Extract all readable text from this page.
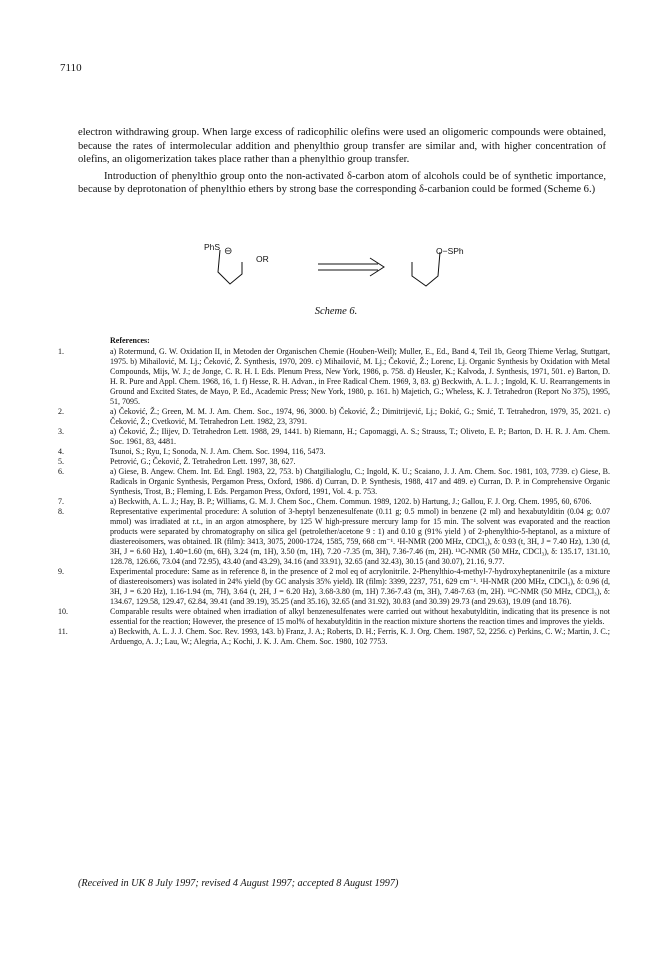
7110

electron withdrawing group. When large excess of radicophilic olefins were used an oligomeric compounds were obtained, because the rates of intermolecular addition and phenylthio group transfer are similar and, with higher concentration of olefins, an oligomerization takes place rather than a phenylthio group transfer.

Introduction of phenylthio group onto the non-activated δ-carbon atom of alcohols could be of synthetic importance, because by deprotonation of phenylthio ethers by strong base the corresponding δ-carbanion could be formed (Scheme 6.)

PhS ⊖
OR
O−SPh
Scheme 6.
References:
1.	a) Rotermund, G. W. Oxidation II, in Metoden der Organischen Chemie (Houben-Weil); Muller, E., Ed., Band 4, Teil 1b, Georg Thieme Verlag, Stuttgart, 1975. b) Mihailović, M. Lj.; Čeković, Ž. Synthesis, 1970, 209. c) Mihailović, M. Lj.; Čeković, Ž.; Lorenc, Lj. Organic Synthesis by Oxidation with Metal Compounds, Mijs, W. J.; de Jonge, C. R. H. I. Eds. Plenum Press, New York, 1986, p. 758. d) Heusler, K.; Kalvoda, J. Synthesis, 1971, 501. e) Barton, D. H. R. Pure and Appl. Chem. 1968, 16, 1. f) Hesse, R. H. Advan., in Free Radical Chem. 1969, 3, 83. g) Beckwith, A. L. J. ; Ingold, K. U. Rearrangements in Ground and Excited States, de Mayo, P. Ed., Academic Press; New York, 1980, p. 161. h) Majetich, G.; Wheless, K. J. Tetrahedron (Report No 375), 1995, 51, 7095.
2.	a) Čeković, Ž.; Green, M. M. J. Am. Chem. Soc., 1974, 96, 3000. b) Čeković, Ž.; Dimitrijević, Lj.; Đokić, G.; Srnić, T. Tetrahedron, 1979, 35, 2021. c) Čeković, Ž.; Cvetković, M. Tetrahedron Lett. 1982, 23, 3791.
3.	a) Čeković, Ž.; Ilijev, D. Tetrahedron Lett. 1988, 29, 1441. b) Riemann, H.; Capomaggi, A. S.; Strauss, T.; Oliveto, E. P.; Barton, D. H. R. J. Am. Chem. Soc. 1961, 83, 4481.
4.	Tsunoi, S.; Ryu, I.; Sonoda, N. J. Am. Chem. Soc. 1994, 116, 5473.
5.	Petrović, G.; Čeković, Ž. Tetrahedron Lett. 1997, 38, 627.
6.	a) Giese, B. Angew. Chem. Int. Ed. Engl. 1983, 22, 753. b) Chatgilialoglu, C.; Ingold, K. U.; Scaiano, J. J. Am. Chem. Soc. 1981, 103, 7739. c) Giese, B. Radicals in Organic Synthesis, Pergamon Press, Oxford, 1986. d) Curran, D. P. Synthesis, 1988, 417 and 489. e) Curran, D. P. in Comprehensive Organic Synthesis, Trost, B.; Fleming, I. Eds. Pergamon Press, Oxford, 1991, Vol. 4. p. 753.
7.	a) Beckwith, A. L. J.; Hay, B. P.; Williams, G. M. J. Chem Soc., Chem. Commun. 1989, 1202. b) Hartung, J.; Gallou, F. J. Org. Chem. 1995, 60, 6706.
8.	Representative experimental procedure: A solution of 3-heptyl benzenesulfenate (0.11 g; 0.5 mmol) in benzene (2 ml) and hexabutylditin (0.04 g; 0.07 mmol) was irradiated at r.t., in an argon atmosphere, by 125 W high-pressure mercury lamp for 15 min. The solvent was evaporated and the reaction products were separated by chromatography on silica gel (petrolether/acetone 9 : 1) and 0.10 g (91% yield ) of 2-phenylthio-5-heptanol, as a mixture of diastereoisomers, was obtained. IR (film): 3413, 3075, 2000-1724, 1585, 759, 668 cm⁻¹. ¹H-NMR (200 MHz, CDCl₃), δ: 0.93 (t, 3H, J = 7.40 Hz), 1.30 (d, 3H, J = 6.60 Hz), 1.40=1.60 (m, 6H), 3.24 (m, 1H), 3.50 (m, 1H), 7.20 -7.35 (m, 3H), 7.36-7.46 (m, 2H). ¹³C-NMR (50 MHz, CDCl₃), δ: 135.17, 131.10, 128.78, 126.66, 73.04 (and 72.95), 43.40 (and 43.29), 34.16 (and 33.91), 32.65 (and 32.43), 30.15 (and 30.07), 21.16, 9.77.
9.	Experimental procedure: Same as in reference 8, in the presence of 2 mol eq of acrylonitrile. 2-Phenylthio-4-methyl-7-hydroxyheptanenitrile (as a mixture of diastereoisomers) was isolated in 24% yield (by GC analysis 35% yield). IR (film): 3399, 2237, 751, 629 cm⁻¹. ¹H-NMR (200 MHz, CDCl₃), δ: 0.96 (d, 3H, J = 6.20 Hz), 1.16-1.94 (m, 7H), 3.64 (t, 2H, J = 6.20 Hz), 3.68-3.80 (m, 1H) 7.36-7.43 (m, 3H), 7.48-7.63 (m, 2H). ¹³C-NMR (50 MHz, CDCl₃), δ: 134.67, 129.58, 129.47, 62.84, 39.41 (and 39.19), 35.25 (and 35.16), 32.65 (and 31.92), 30.83 (and 30.39) 29.73 (and 29.63), 19.09 (and 18.76).
10.	Comparable results were obtained when irradiation of alkyl benzenesulfenates were carried out without hexabutylditin, indicating that its presence is not essential for the reaction; However, the presence of 15 mol% of hexabutylditin in the reaction mixture shortens the reaction times and improves the yields.
11.	a) Beckwith, A. L. J. J. Chem. Soc. Rev. 1993, 143. b) Franz, J. A.; Roberts, D. H.; Ferris, K. J. Org. Chem. 1987, 52, 2256. c) Perkins, C. W.; Martin, J. C.; Arduengo, A. J.; Lau, W.; Alegria, A.; Kochi, J. K. J. Am. Chem. Soc. 1980, 102 7753.
(Received in UK 8 July 1997; revised 4 August 1997; accepted 8 August 1997)
